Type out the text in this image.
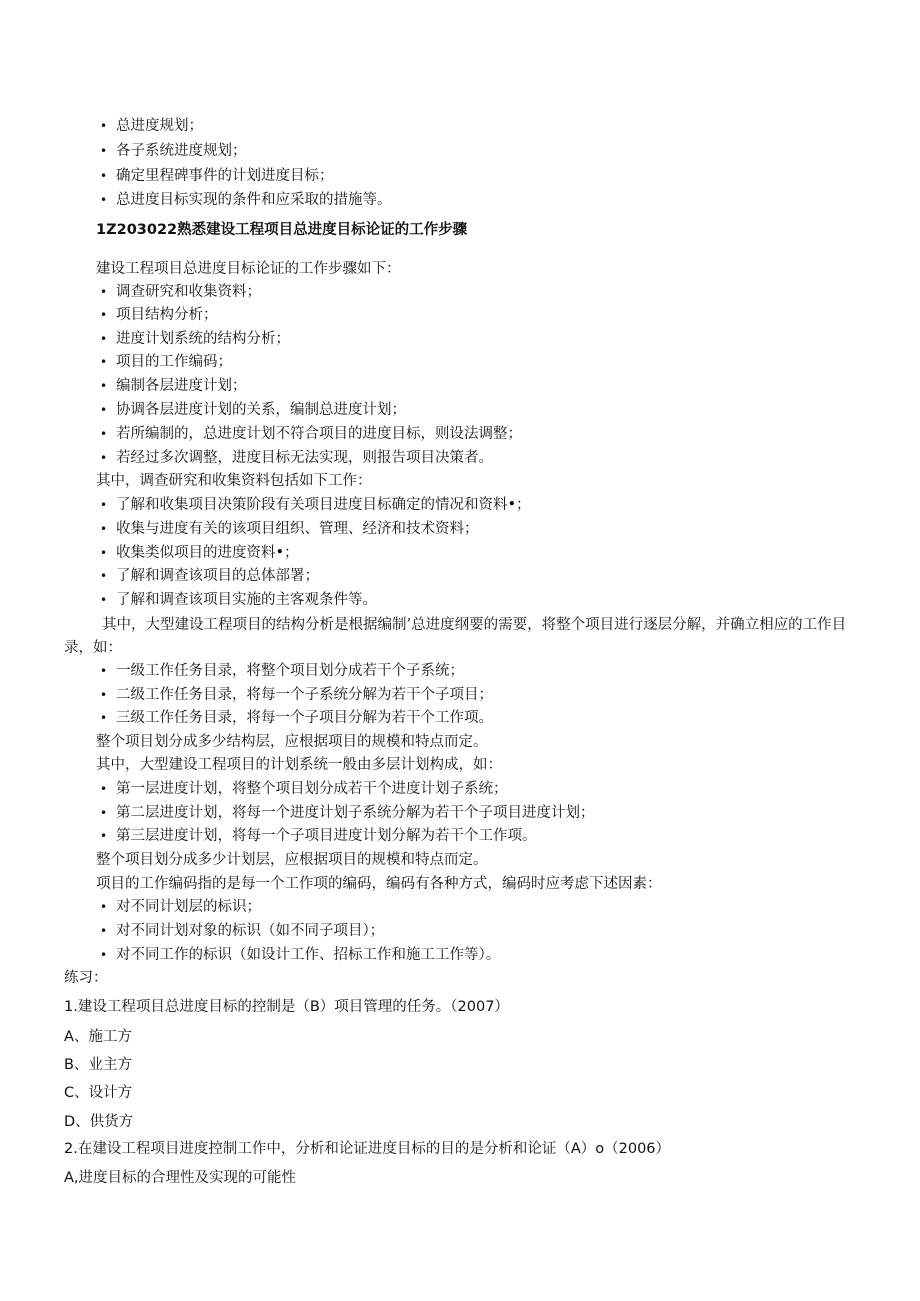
• 总进度规划；
• 各子系统进度规划；
• 确定里程碑事件的计划进度目标；
• 总进度目标实现的条件和应采取的措施等。
1Z203022熟悉建设工程项目总进度目标论证的工作步骤
建设工程项目总进度目标论证的工作步骤如下：
• 调查研究和收集资料；
• 项目结构分析；
• 进度计划系统的结构分析；
• 项目的工作编码；
• 编制各层进度计划；
• 协调各层进度计划的关系，编制总进度计划；
• 若所编制的，总进度计划不符合项目的进度目标，则设法调整；
• 若经过多次调整，进度目标无法实现，则报告项目决策者。
其中，调查研究和收集资料包括如下工作：
• 了解和收集项目决策阶段有关项目进度目标确定的情况和资料•；
• 收集与进度有关的该项目组织、管理、经济和技术资料；
• 收集类似项目的进度资料•；
• 了解和调查该项目的总体部署；
• 了解和调查该项目实施的主客观条件等。
其中，大型建设工程项目的结构分析是根据编制’总进度纲要的需要，将整个项目进行逐层分解，并确立相应的工作目录，如：
• 一级工作任务目录，将整个项目划分成若干个子系统；
• 二级工作任务目录，将每一个子系统分解为若干个子项目；
• 三级工作任务目录，将每一个子项目分解为若干个工作项。
整个项目划分成多少结构层，应根据项目的规模和特点而定。
其中，大型建设工程项目的计划系统一般由多层计划构成，如：
• 第一层进度计划，将整个项目划分成若干个进度计划子系统；
• 第二层进度计划，将每一个进度计划子系统分解为若干个子项目进度计划；
• 第三层进度计划，将每一个子项目进度计划分解为若干个工作项。
整个项目划分成多少计划层，应根据项目的规模和特点而定。
项目的工作编码指的是每一个工作项的编码，编码有各种方式，编码时应考虑下述因素：
• 对不同计划层的标识；
• 对不同计划对象的标识（如不同子项目）；
• 对不同工作的标识（如设计工作、招标工作和施工工作等）。
练习：
1.建设工程项目总进度目标的控制是（B）项目管理的任务。（2007）
A、施工方
B、业主方
C、设计方
D、供货方
2.在建设工程项目进度控制工作中，分析和论证进度目标的目的是分析和论证（A）o（2006）
A,进度目标的合理性及实现的可能性
